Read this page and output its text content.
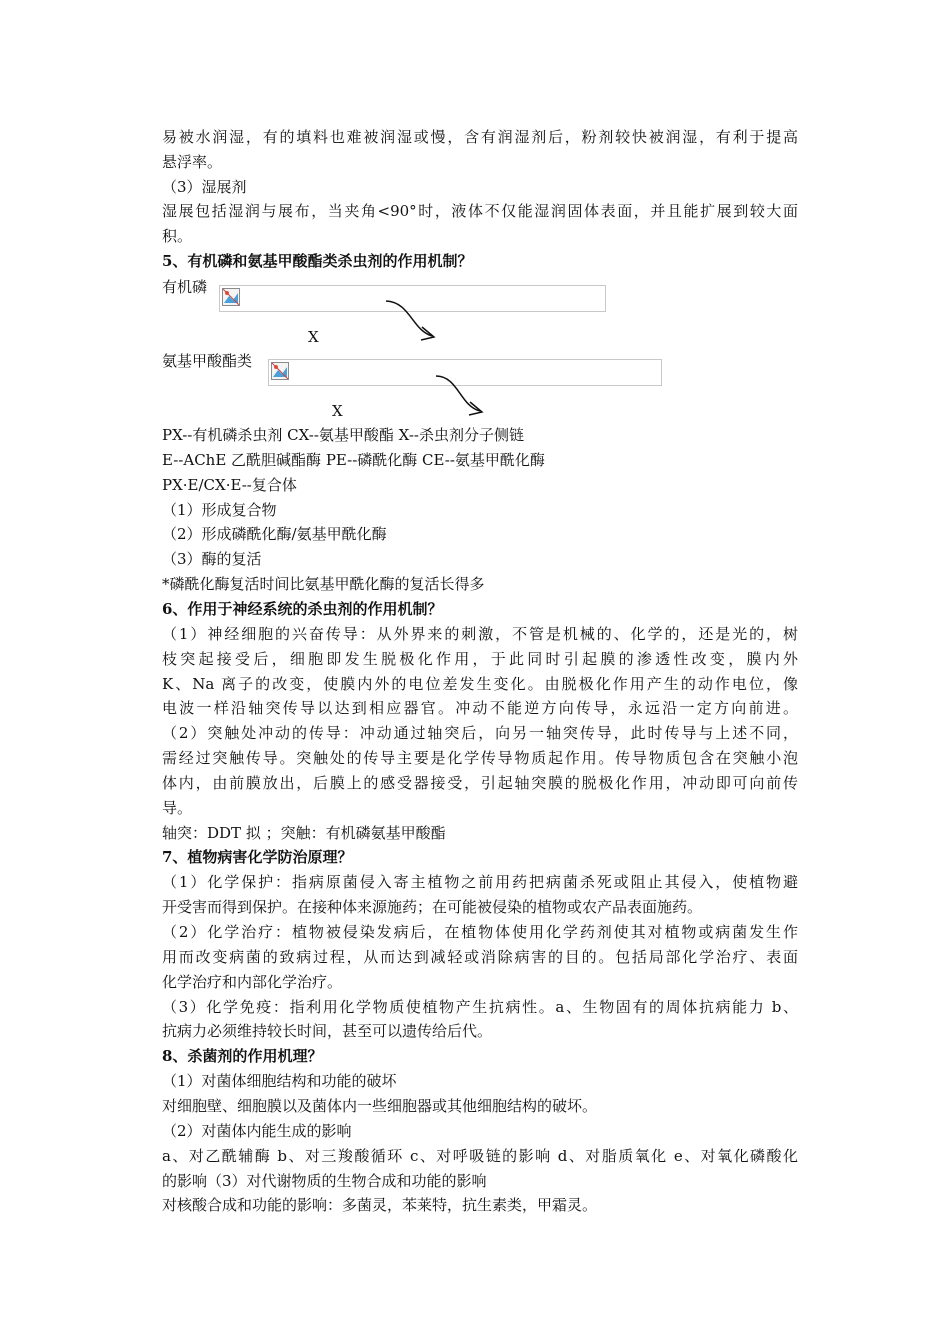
易被水润湿，有的填料也难被润湿或慢，含有润湿剂后，粉剂较快被润湿，有利于提高
悬浮率。
（3）湿展剂
湿展包括湿润与展布，当夹角<90°时，液体不仅能湿润固体表面，并且能扩展到较大面
积。
5、有机磷和氨基甲酸酯类杀虫剂的作用机制？
有机磷
X
氨基甲酸酯类
X
PX--有机磷杀虫剂 CX--氨基甲酸酯 X--杀虫剂分子侧链
E--AChE 乙酰胆碱酯酶 PE--磷酰化酶 CE--氨基甲酰化酶
PX·E/CX·E--复合体
（1）形成复合物
（2）形成磷酰化酶/氨基甲酰化酶
（3）酶的复活
*磷酰化酶复活时间比氨基甲酰化酶的复活长得多
6、作用于神经系统的杀虫剂的作用机制？
（1）神经细胞的兴奋传导：从外界来的刺激，不管是机械的、化学的，还是光的，树
枝突起接受后，细胞即发生脱极化作用，于此同时引起膜的渗透性改变，膜内外
K、Na 离子的改变，使膜内外的电位差发生变化。由脱极化作用产生的动作电位，像
电波一样沿轴突传导以达到相应器官。冲动不能逆方向传导，永远沿一定方向前进。
（2）突触处冲动的传导：冲动通过轴突后，向另一轴突传导，此时传导与上述不同，
需经过突触传导。突触处的传导主要是化学传导物质起作用。传导物质包含在突触小泡
体内，由前膜放出，后膜上的感受器接受，引起轴突膜的脱极化作用，冲动即可向前传
导。
轴突：DDT 拟 ；突触：有机磷氨基甲酸酯
7、植物病害化学防治原理？
（1）化学保护：指病原菌侵入寄主植物之前用药把病菌杀死或阻止其侵入，使植物避
开受害而得到保护。在接种体来源施药；在可能被侵染的植物或农产品表面施药。
（2）化学治疗：植物被侵染发病后，在植物体使用化学药剂使其对植物或病菌发生作
用而改变病菌的致病过程，从而达到减轻或消除病害的目的。包括局部化学治疗、表面
化学治疗和内部化学治疗。
（3）化学免疫：指利用化学物质使植物产生抗病性。a、生物固有的周体抗病能力 b、
抗病力必须维持较长时间，甚至可以遗传给后代。
8、杀菌剂的作用机理？
（1）对菌体细胞结构和功能的破坏
对细胞壁、细胞膜以及菌体内一些细胞器或其他细胞结构的破坏。
（2）对菌体内能生成的影响
a、对乙酰辅酶 b、对三羧酸循环 c、对呼吸链的影响 d、对脂质氧化 e、对氧化磷酸化
的影响（3）对代谢物质的生物合成和功能的影响
对核酸合成和功能的影响：多菌灵，苯莱特，抗生素类，甲霜灵。
